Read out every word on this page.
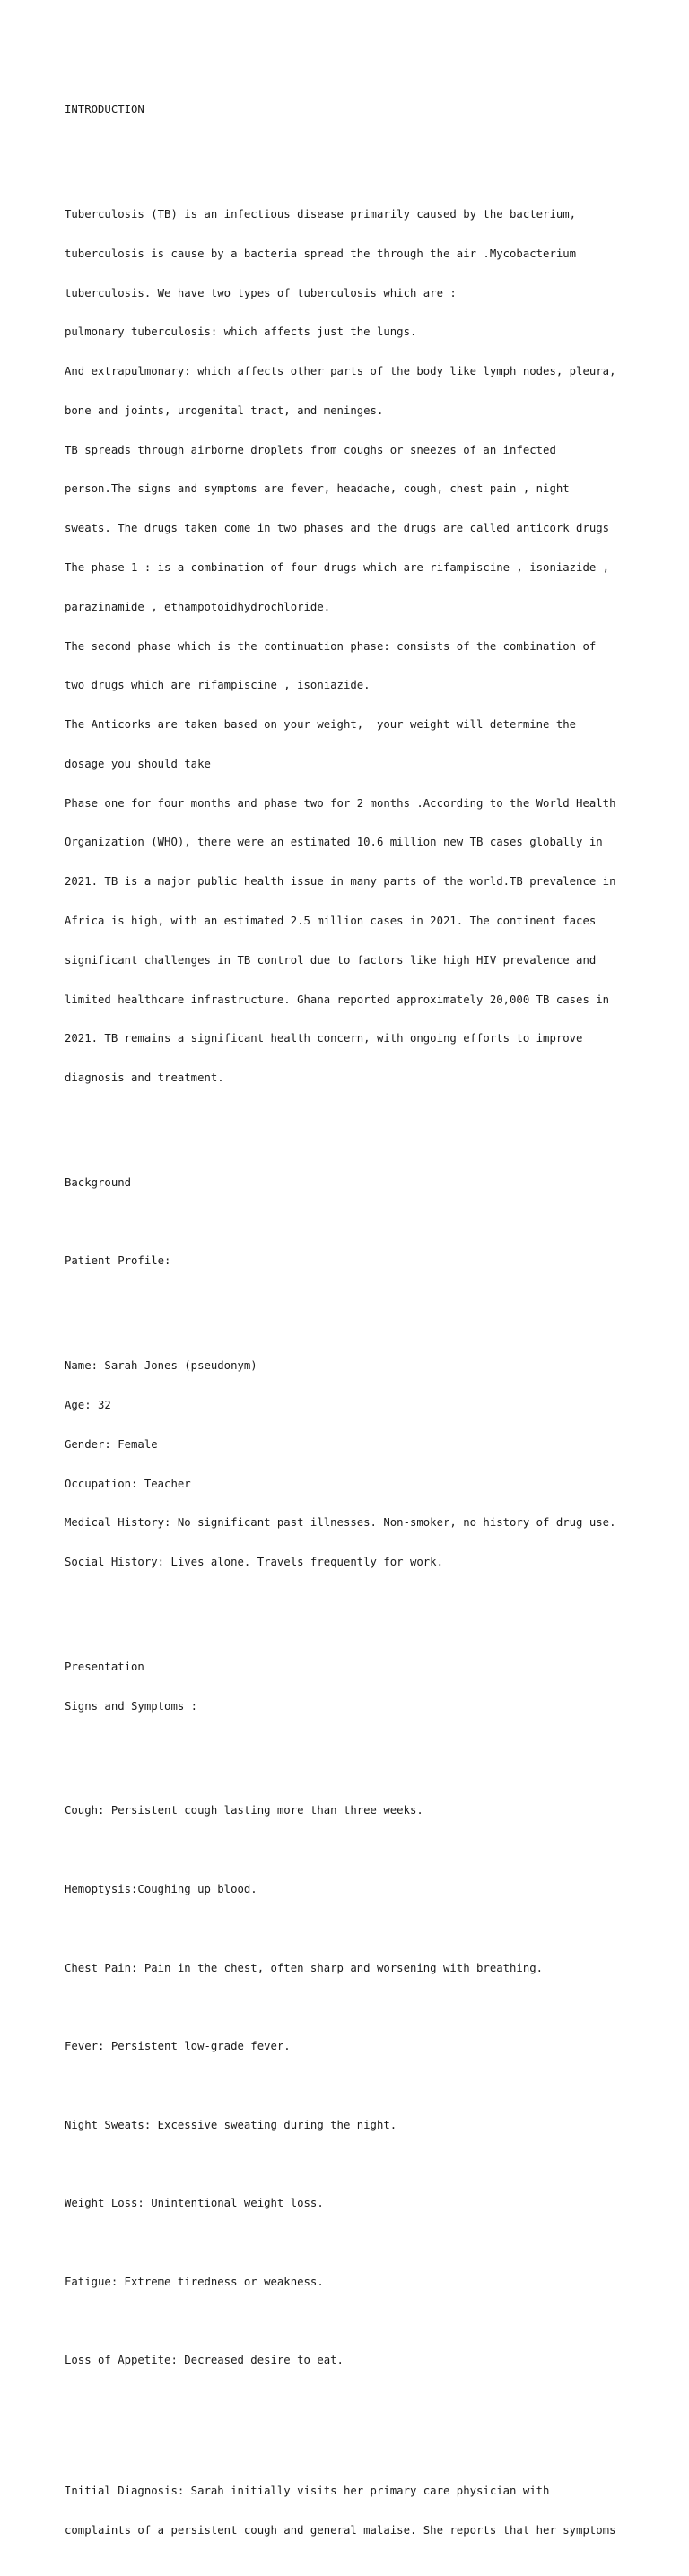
INTRODUCTION

Tuberculosis (TB) is an infectious disease primarily caused by the bacterium,

tuberculosis is cause by a bacteria spread the through the air .Mycobacterium

tuberculosis. We have two types of tuberculosis which are :

pulmonary tuberculosis: which affects just the lungs.

And extrapulmonary: which affects other parts of the body like lymph nodes, pleura,

bone and joints, urogenital tract, and meninges.

TB spreads through airborne droplets from coughs or sneezes of an infected

person.The signs and symptoms are fever, headache, cough, chest pain , night

sweats. The drugs taken come in two phases and the drugs are called anticork drugs

The phase 1 : is a combination of four drugs which are rifampiscine , isoniazide ,

parazinamide , ethampotoidhydrochloride.

The second phase which is the continuation phase: consists of the combination of

two drugs which are rifampiscine , isoniazide.

The Anticorks are taken based on your weight,  your weight will determine the

dosage you should take

Phase one for four months and phase two for 2 months .According to the World Health

Organization (WHO), there were an estimated 10.6 million new TB cases globally in

2021. TB is a major public health issue in many parts of the world.TB prevalence in

Africa is high, with an estimated 2.5 million cases in 2021. The continent faces

significant challenges in TB control due to factors like high HIV prevalence and

limited healthcare infrastructure. Ghana reported approximately 20,000 TB cases in

2021. TB remains a significant health concern, with ongoing efforts to improve

diagnosis and treatment.

Background

Patient Profile:

Name: Sarah Jones (pseudonym)

Age: 32

Gender: Female

Occupation: Teacher

Medical History: No significant past illnesses. Non-smoker, no history of drug use.

Social History: Lives alone. Travels frequently for work.

Presentation

Signs and Symptoms :

Cough: Persistent cough lasting more than three weeks.

Hemoptysis:Coughing up blood.

Chest Pain: Pain in the chest, often sharp and worsening with breathing.

Fever: Persistent low-grade fever.

Night Sweats: Excessive sweating during the night.

Weight Loss: Unintentional weight loss.

Fatigue: Extreme tiredness or weakness.

Loss of Appetite: Decreased desire to eat.

Initial Diagnosis: Sarah initially visits her primary care physician with

complaints of a persistent cough and general malaise. She reports that her symptoms
